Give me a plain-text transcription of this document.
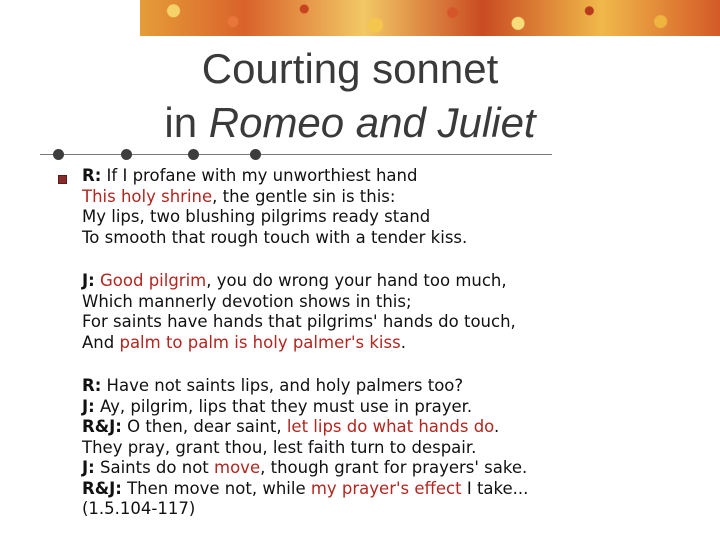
Courting sonnet
in Romeo and Juliet
R: If I profane with my unworthiest hand
This holy shrine, the gentle sin is this:
My lips, two blushing pilgrims ready stand
To smooth that rough touch with a tender kiss.
J: Good pilgrim, you do wrong your hand too much,
Which mannerly devotion shows in this;
For saints have hands that pilgrims' hands do touch,
And palm to palm is holy palmer's kiss.
R: Have not saints lips, and holy palmers too?
J: Ay, pilgrim, lips that they must use in prayer.
R&J: O then, dear saint, let lips do what hands do.
They pray, grant thou, lest faith turn to despair.
J: Saints do not move, though grant for prayers' sake.
R&J: Then move not, while my prayer's effect I take...
(1.5.104-117)
